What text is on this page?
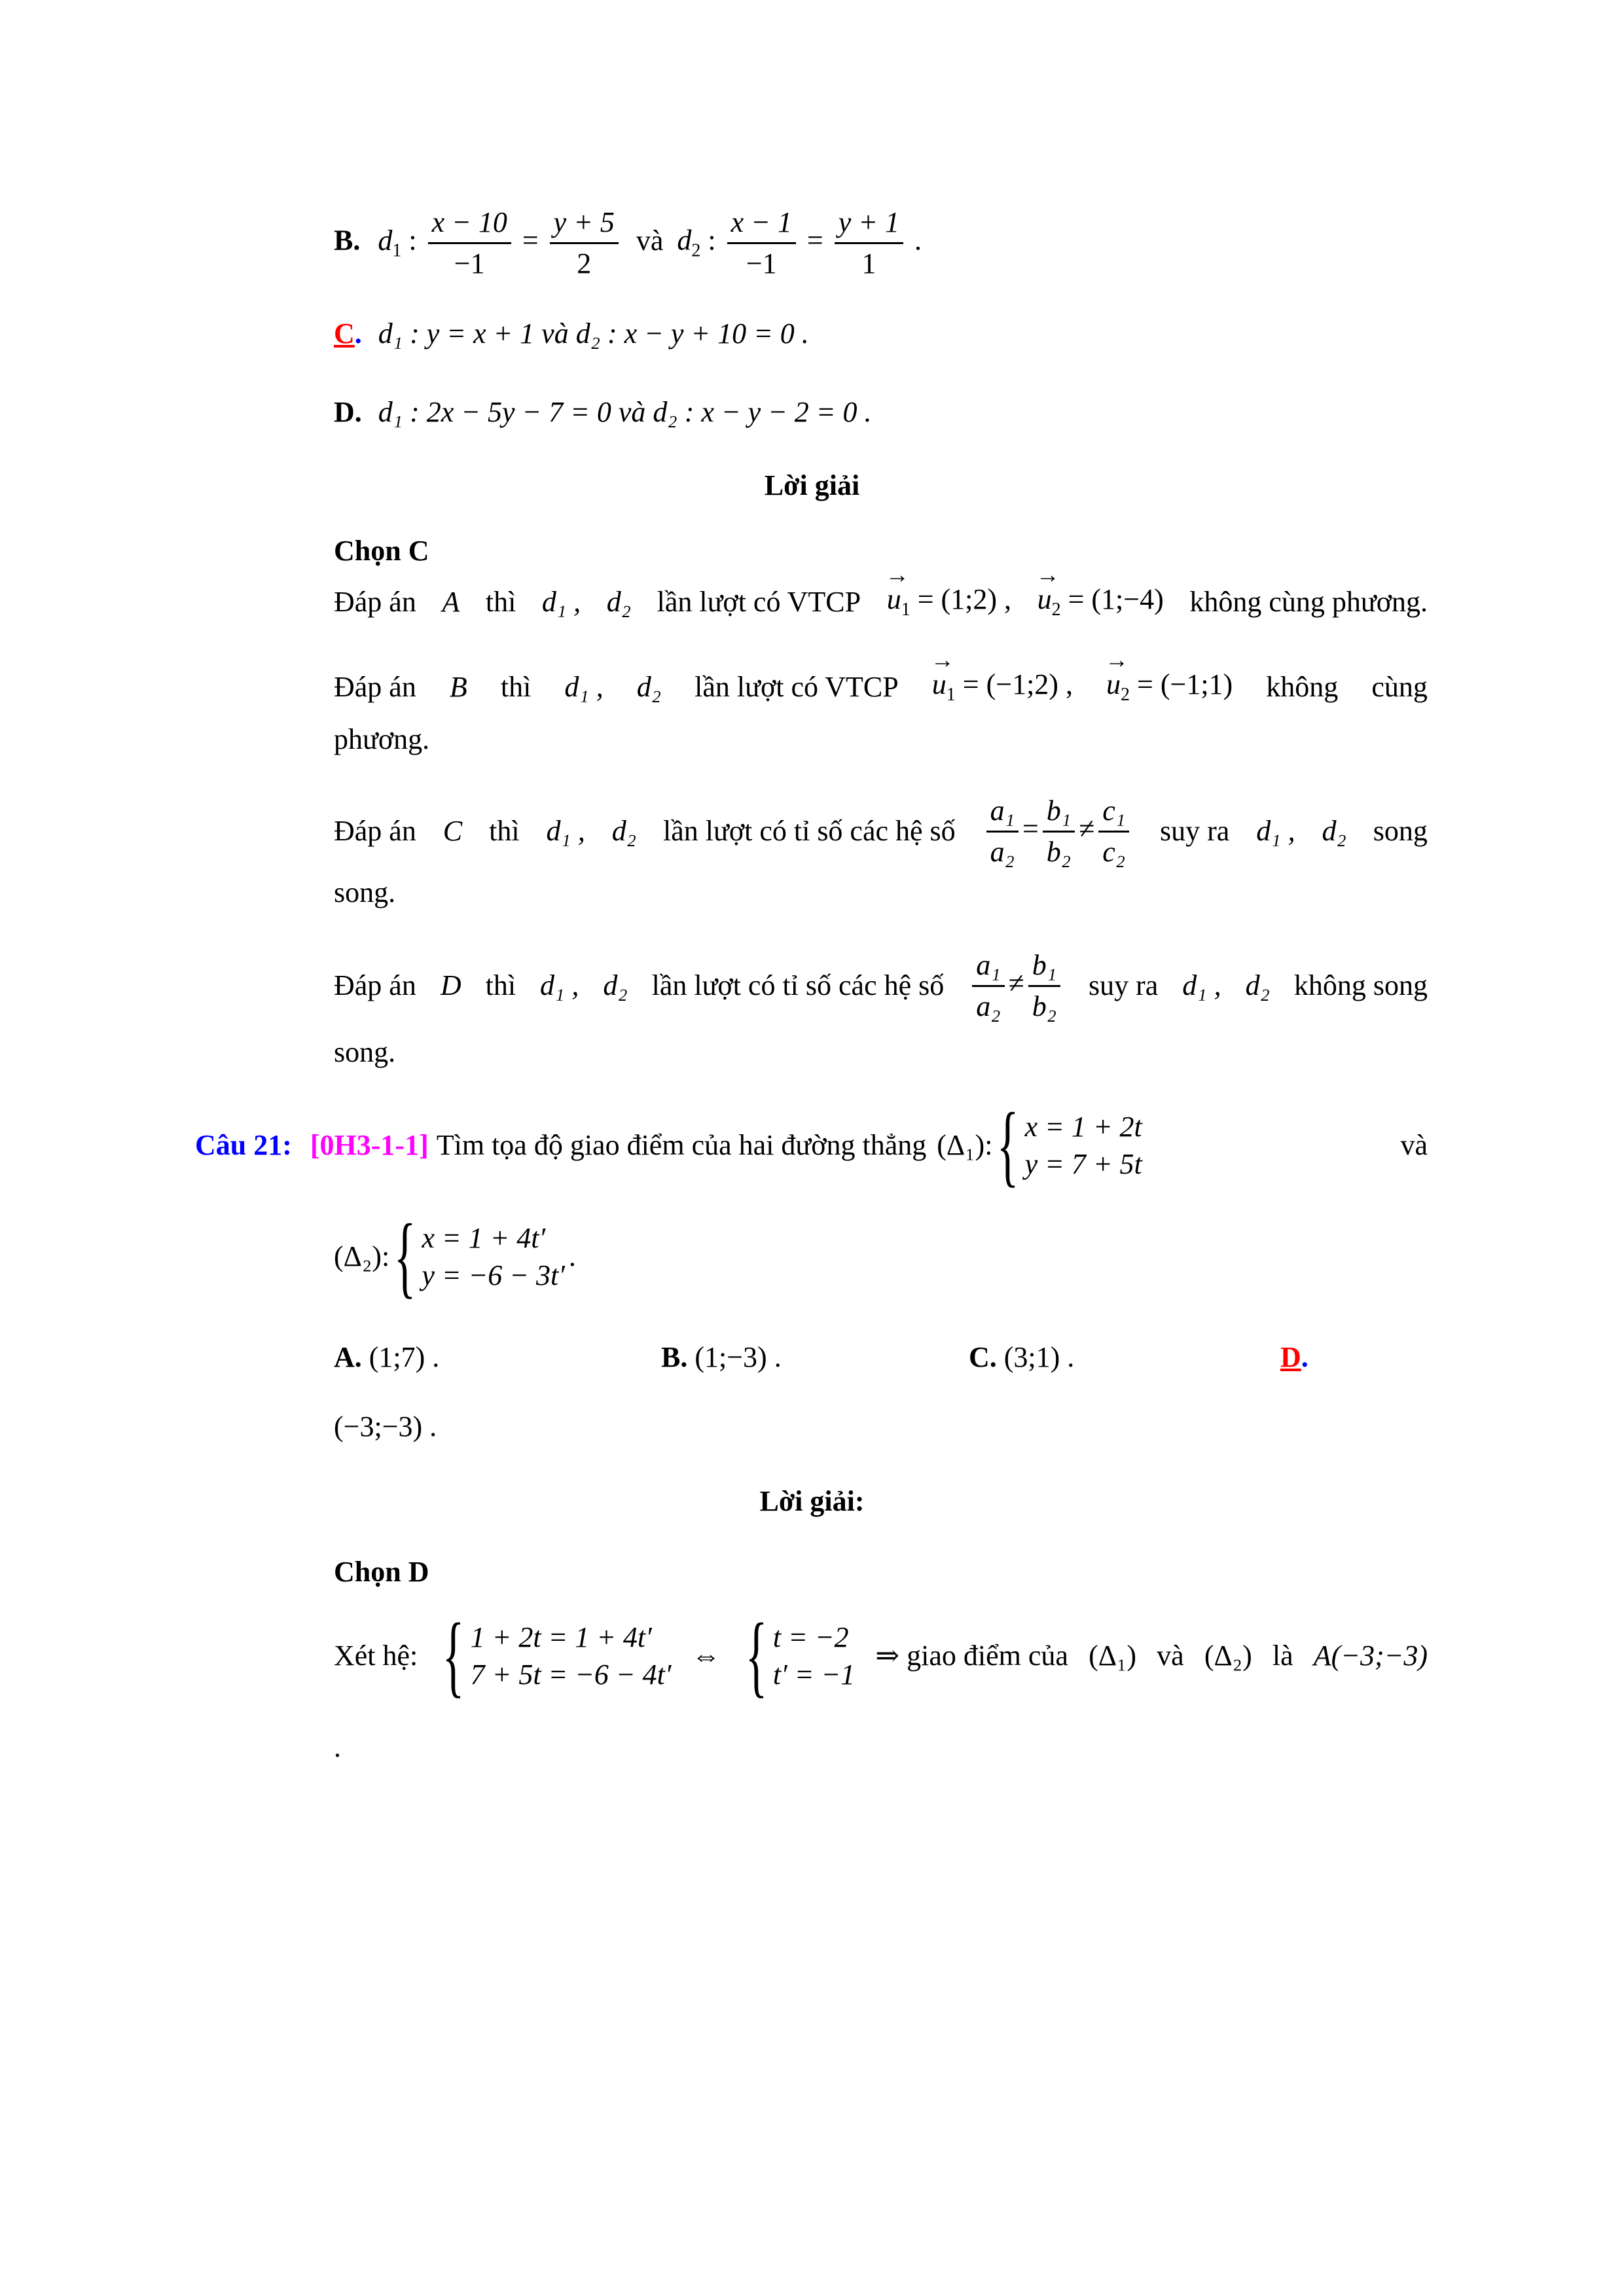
B. $d_1$ : $\frac{x - 10}{-1} = \frac{y + 5}{2}$ và $d_2$ : $\frac{x - 1}{-1} = \frac{y + 1}{1}$ .
C. d₁ : y = x + 1 và d₂ : x − y + 10 = 0 .
D. d₁ : 2x − 5y − 7 = 0 và d₂ : x − y − 2 = 0 .
Lời giải
Chọn C
Đáp án A thì d₁ , d₂ lần lượt có VTCP → $u_1$ = (1;2) , → $u_2$ = (1;−4) không cùng phương.
Đáp án B thì d₁ , d₂ lần lượt có VTCP → $u_1$ = (−1;2) , → $u_2$ = (−1;1) không cùng
phương.
Đáp án C thì d₁ , d₂ lần lượt có tỉ số các hệ số $\frac{\text{a₁}}{\text{a₂}} = \frac{\text{b₁}}{\text{b₂}} \ne \frac{\text{c₁}}{\text{c₂}}$ suy ra d₁ , d₂ song
song.
Đáp án D thì d₁ , d₂ lần lượt có tỉ số các hệ số $\frac{\text{a₁}}{\text{a₂}} \ne \frac{\text{b₁}}{\text{b₂}}$ suy ra d₁ , d₂ không song
song.
Câu 21: [0H3-1-1] Tìm tọa độ giao điểm của hai đường thẳng (Δ₁): { x = 1 + 2t
y = 7 + 5t
và
(Δ₂): { x = 1 + 4t′
y = −6 − 3t′
.
A. (1;7) .	B. (1;−3) .	C. (3;1) .	D.
(−3;−3) .
Lời giải:
Chọn D
Xét hệ: { 1 + 2t = 1 + 4t′
7 + 5t = −6 − 4t′
⇔ { t = −2
t′ = −1
⇒ giao điểm của (Δ₁) và (Δ₂) là A(−3;−3)
.
